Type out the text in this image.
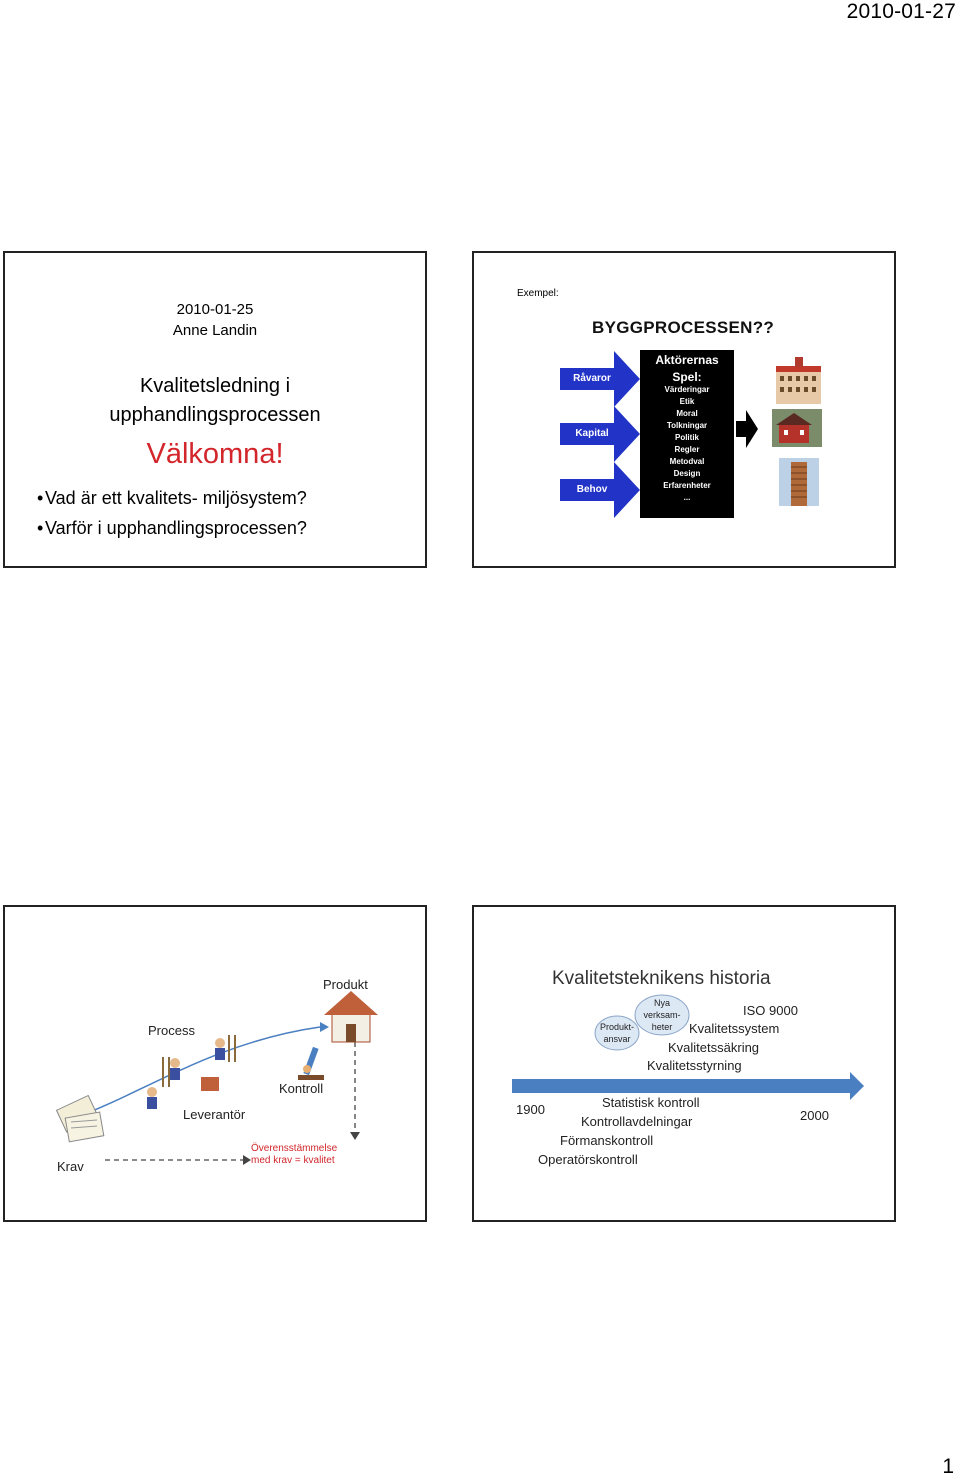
2010-01-27
2010-01-25
Anne Landin
Kvalitetsledning i
upphandlingsprocessen
Välkomna!
• Vad är ett kvalitets- miljösystem?
• Varför i upphandlingsprocessen?
Exempel:
BYGGPROCESSEN??
Råvaror
Kapital
Behov
Aktörernas
Spel:
Värderingar
Etik
Moral
Tolkningar
Politik
Regler
Metodval
Design
Erfarenheter
...
Produkt
Process
Kontroll
Leverantör
Krav
Överensstämmelse
med krav = kvalitet
Kvalitetsteknikens historia
Produkt-
ansvar
Nya
verksam-
heter
ISO 9000
Kvalitetssystem
Kvalitetssäkring
Kvalitetsstyrning
1900	2000
Statistisk kontroll
Kontrollavdelningar
Förmanskontroll
Operatörskontroll
1
